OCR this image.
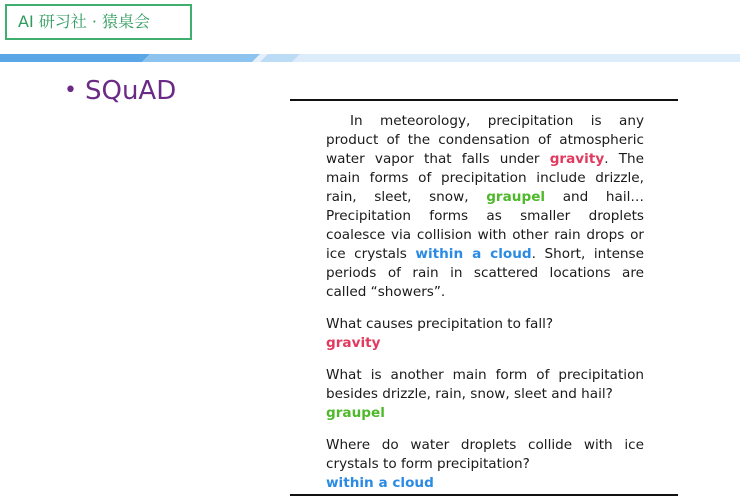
AI 研习社 · 猿桌会
• SQuAD

In meteorology, precipitation is any product of the condensation of atmospheric water vapor that falls under gravity. The main forms of precipitation include drizzle, rain, sleet, snow, graupel and hail… Precipitation forms as smaller droplets coalesce via collision with other rain drops or ice crystals within a cloud. Short, intense periods of rain in scattered locations are called “showers”.

What causes precipitation to fall?

gravity

What is another main form of precipitation besides drizzle, rain, snow, sleet and hail?

graupel

Where do water droplets collide with ice crystals to form precipitation?

within a cloud
